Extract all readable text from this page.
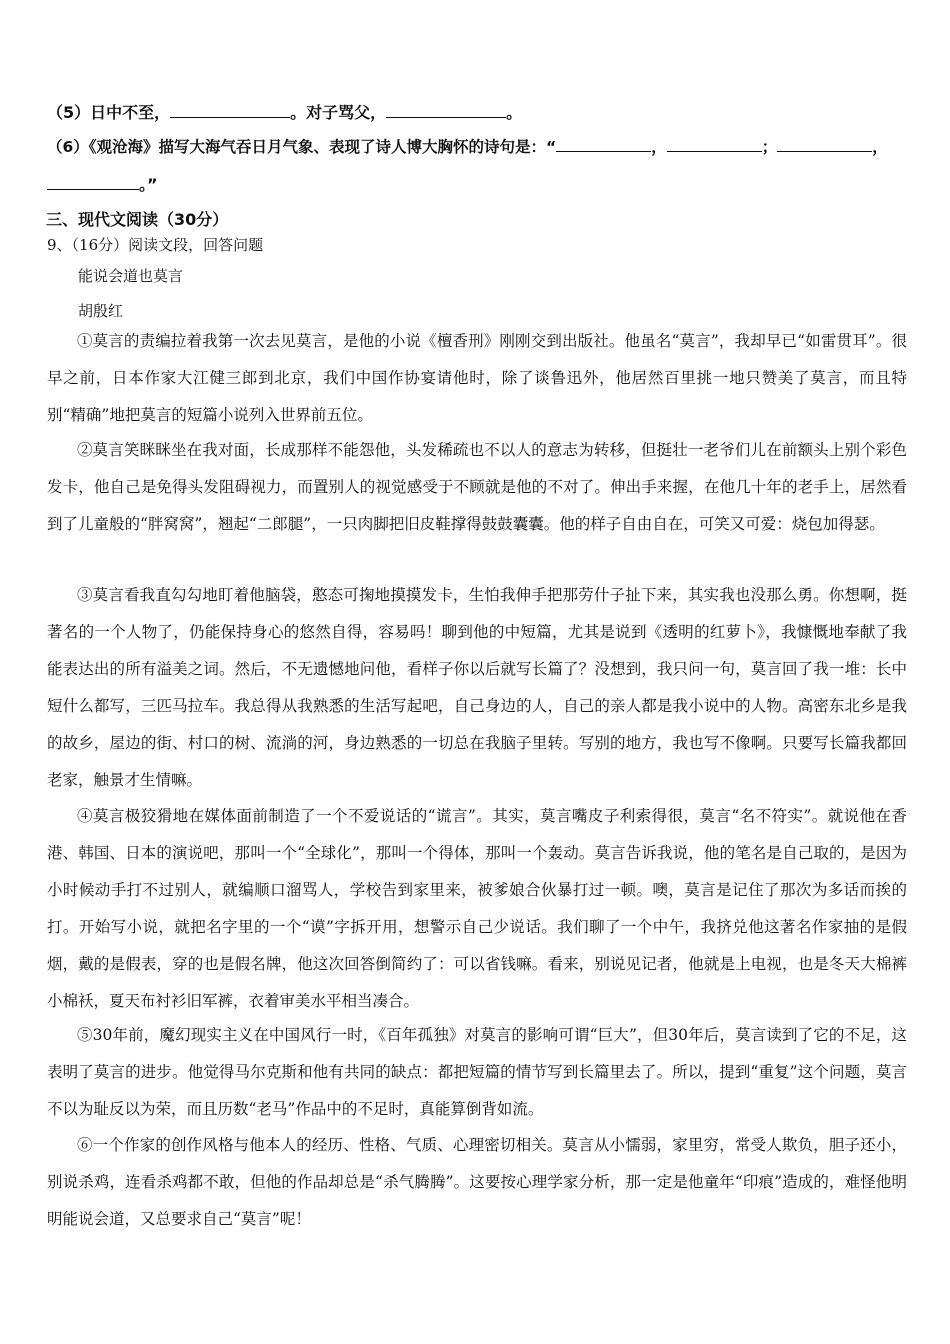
（5）日中不至，	。对子骂父，	。
（6）《观沧海》描写大海气吞日月气象、表现了诗人博大胸怀的诗句是：“	，	；	，
。”
三、现代文阅读（30分）
9、（16分）阅读文段，回答问题
能说会道也莫言
胡殷红

①莫言的责编拉着我第一次去见莫言，是他的小说《檀香刑》刚刚交到出版社。他虽名“莫言”，我却早已“如雷贯耳”。很早之前，日本作家大江健三郎到北京，我们中国作协宴请他时，除了谈鲁迅外，他居然百里挑一地只赞美了莫言，而且特别“精确”地把莫言的短篇小说列入世界前五位。

②莫言笑眯眯坐在我对面，长成那样不能怨他，头发稀疏也不以人的意志为转移，但挺壮一老爷们儿在前额头上别个彩色发卡，他自己是免得头发阻碍视力，而置别人的视觉感受于不顾就是他的不对了。伸出手来握，在他几十年的老手上，居然看到了儿童般的“胖窝窝”，翘起“二郎腿”，一只肉脚把旧皮鞋撑得鼓鼓囊囊。他的样子自由自在，可笑又可爱：烧包加得瑟。

③莫言看我直勾勾地盯着他脑袋，憨态可掬地摸摸发卡，生怕我伸手把那劳什子扯下来，其实我也没那么勇。你想啊，挺著名的一个人物了，仍能保持身心的悠然自得，容易吗！聊到他的中短篇，尤其是说到《透明的红萝卜》，我慷慨地奉献了我能表达出的所有溢美之词。然后，不无遗憾地问他，看样子你以后就写长篇了？没想到，我只问一句，莫言回了我一堆：长中短什么都写，三匹马拉车。我总得从我熟悉的生活写起吧，自己身边的人，自己的亲人都是我小说中的人物。高密东北乡是我的故乡，屋边的街、村口的树、流淌的河，身边熟悉的一切总在我脑子里转。写别的地方，我也写不像啊。只要写长篇我都回老家，触景才生情嘛。

④莫言极狡猾地在媒体面前制造了一个不爱说话的“谎言”。其实，莫言嘴皮子利索得很，莫言“名不符实”。就说他在香港、韩国、日本的演说吧，那叫一个“全球化”，那叫一个得体，那叫一个轰动。莫言告诉我说，他的笔名是自己取的，是因为小时候动手打不过别人，就编顺口溜骂人，学校告到家里来，被爹娘合伙暴打过一顿。噢，莫言是记住了那次为多话而挨的打。开始写小说，就把名字里的一个“谟”字拆开用，想警示自己少说话。我们聊了一个中午，我挤兑他这著名作家抽的是假烟，戴的是假表，穿的也是假名牌，他这次回答倒简约了：可以省钱嘛。看来，别说见记者，他就是上电视，也是冬天大棉裤小棉袄，夏天布衬衫旧军裤，衣着审美水平相当凑合。

⑤30年前，魔幻现实主义在中国风行一时，《百年孤独》对莫言的影响可谓“巨大”，但30年后，莫言读到了它的不足，这表明了莫言的进步。他觉得马尔克斯和他有共同的缺点：都把短篇的情节写到长篇里去了。所以，提到“重复”这个问题，莫言不以为耻反以为荣，而且历数“老马”作品中的不足时，真能算倒背如流。

⑥一个作家的创作风格与他本人的经历、性格、气质、心理密切相关。莫言从小懦弱，家里穷，常受人欺负，胆子还小，别说杀鸡，连看杀鸡都不敢，但他的作品却总是“杀气腾腾”。这要按心理学家分析，那一定是他童年“印痕”造成的，难怪他明明能说会道，又总要求自己“莫言”呢！
